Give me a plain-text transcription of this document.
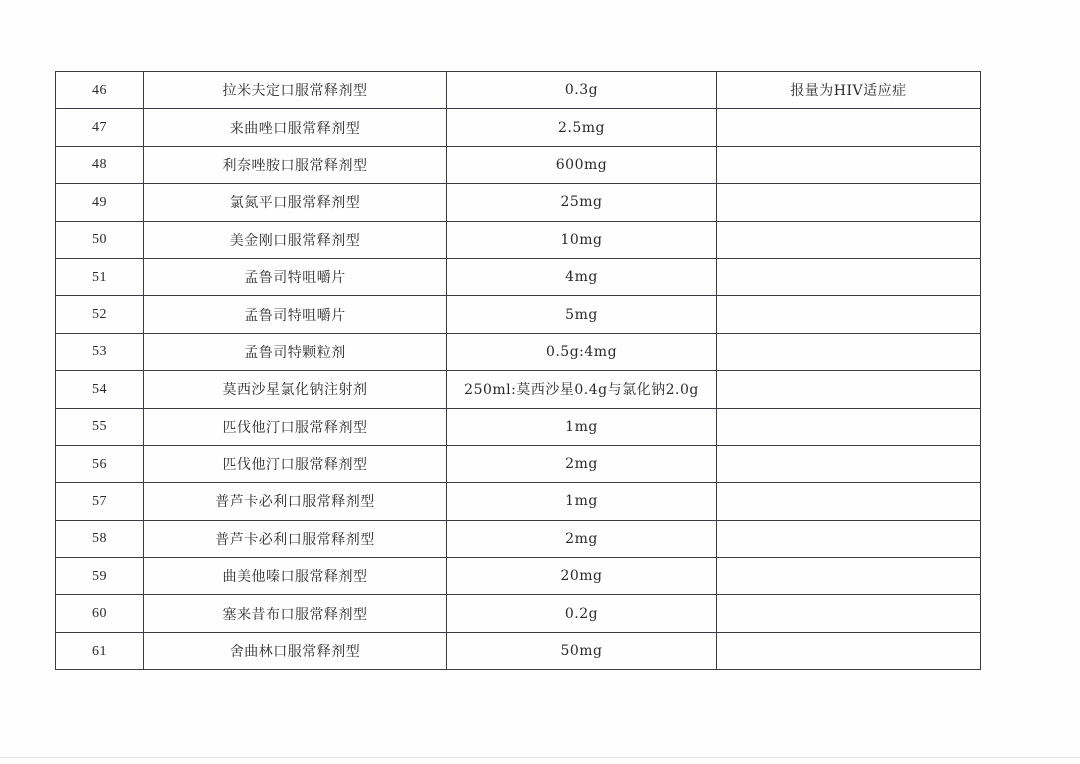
46	拉米夫定口服常释剂型	0.3g	报量为HIV适应症
47	来曲唑口服常释剂型	2.5mg	
48	利奈唑胺口服常释剂型	600mg	
49	氯氮平口服常释剂型	25mg	
50	美金刚口服常释剂型	10mg	
51	孟鲁司特咀嚼片	4mg	
52	孟鲁司特咀嚼片	5mg	
53	孟鲁司特颗粒剂	0.5g:4mg	
54	莫西沙星氯化钠注射剂	250ml:莫西沙星0.4g与氯化钠2.0g	
55	匹伐他汀口服常释剂型	1mg	
56	匹伐他汀口服常释剂型	2mg	
57	普芦卡必利口服常释剂型	1mg	
58	普芦卡必利口服常释剂型	2mg	
59	曲美他嗪口服常释剂型	20mg	
60	塞来昔布口服常释剂型	0.2g	
61	舍曲林口服常释剂型	50mg	
